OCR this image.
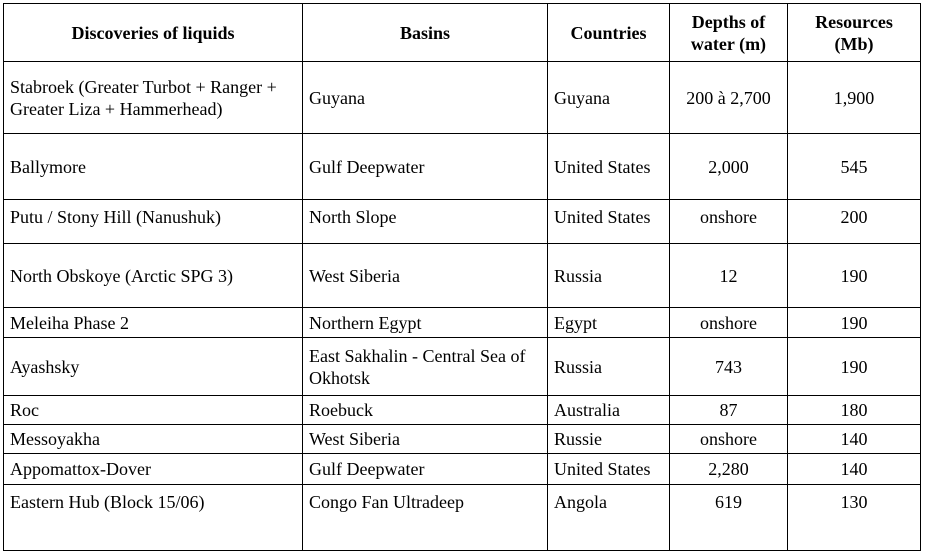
Discoveries of liquids	Basins	Countries	Depths of water (m)	Resources (Mb)
Stabroek (Greater Turbot + Ranger + Greater Liza + Hammerhead)	Guyana	Guyana	200 à 2,700	1,900
Ballymore	Gulf Deepwater	United States	2,000	545
Putu / Stony Hill (Nanushuk)	North Slope	United States	onshore	200
North Obskoye (Arctic SPG 3)	West Siberia	Russia	12	190
Meleiha Phase 2	Northern Egypt	Egypt	onshore	190
Ayashsky	East Sakhalin - Central Sea of Okhotsk	Russia	743	190
Roc	Roebuck	Australia	87	180
Messoyakha	West Siberia	Russie	onshore	140
Appomattox-Dover	Gulf Deepwater	United States	2,280	140
Eastern Hub (Block 15/06)	Congo Fan Ultradeep	Angola	619	130
